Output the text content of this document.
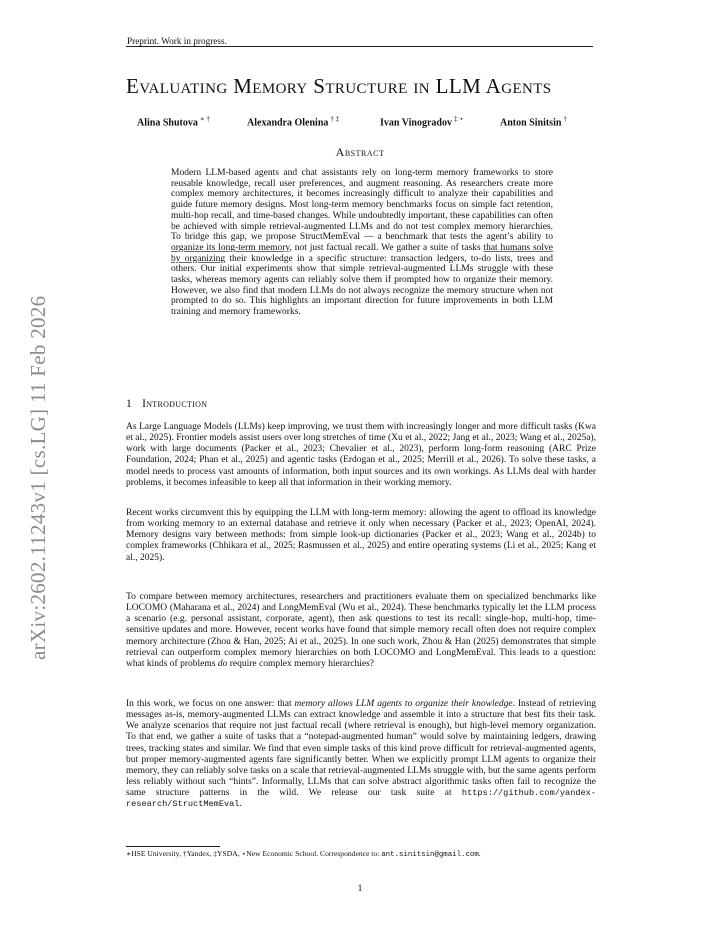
Preprint. Work in progress.
arXiv:2602.11243v1 [cs.LG] 11 Feb 2026
Evaluating Memory Structure in LLM Agents
Alina Shutova ∗ †	Alexandra Olenina † ‡	Ivan Vinogradov ‡ ⋆	Anton Sinitsin †
Abstract
Modern LLM-based agents and chat assistants rely on long-term memory frameworks to store reusable knowledge, recall user preferences, and augment reasoning. As researchers create more complex memory architectures, it becomes increasingly difficult to analyze their capabilities and guide future memory designs. Most long-term memory benchmarks focus on simple fact retention, multi-hop recall, and time-based changes. While undoubtedly important, these capabilities can often be achieved with simple retrieval-augmented LLMs and do not test complex memory hierarchies. To bridge this gap, we propose StructMemEval — a benchmark that tests the agent’s ability to organize its long-term memory, not just factual recall. We gather a suite of tasks that humans solve by organizing their knowledge in a specific structure: transaction ledgers, to-do lists, trees and others. Our initial experiments show that simple retrieval-augmented LLMs struggle with these tasks, whereas memory agents can reliably solve them if prompted how to organize their memory. However, we also find that modern LLMs do not always recognize the memory structure when not prompted to do so. This highlights an important direction for future improvements in both LLM training and memory frameworks.
1 Introduction
As Large Language Models (LLMs) keep improving, we trust them with increasingly longer and more difficult tasks (Kwa et al., 2025). Frontier models assist users over long stretches of time (Xu et al., 2022; Jang et al., 2023; Wang et al., 2025a), work with large documents (Packer et al., 2023; Chevalier et al., 2023), perform long-form reasoning (ARC Prize Foundation, 2024; Phan et al., 2025) and agentic tasks (Erdogan et al., 2025; Merrill et al., 2026). To solve these tasks, a model needs to process vast amounts of information, both input sources and its own workings. As LLMs deal with harder problems, it becomes infeasible to keep all that information in their working memory.
Recent works circumvent this by equipping the LLM with long-term memory: allowing the agent to offload its knowledge from working memory to an external database and retrieve it only when necessary (Packer et al., 2023; OpenAI, 2024). Memory designs vary between methods: from simple look-up dictionaries (Packer et al., 2023; Wang et al., 2024b) to complex frameworks (Chhikara et al., 2025; Rasmussen et al., 2025) and entire operating systems (Li et al., 2025; Kang et al., 2025).
To compare between memory architectures, researchers and practitioners evaluate them on specialized benchmarks like LOCOMO (Maharana et al., 2024) and LongMemEval (Wu et al., 2024). These benchmarks typically let the LLM process a scenario (e.g. personal assistant, corporate, agent), then ask questions to test its recall: single-hop, multi-hop, time-sensitive updates and more. However, recent works have found that simple memory recall often does not require complex memory architecture (Zhou & Han, 2025; Ai et al., 2025). In one such work, Zhou & Han (2025) demonstrates that simple retrieval can outperform complex memory hierarchies on both LOCOMO and LongMemEval. This leads to a question: what kinds of problems do require complex memory hierarchies?
In this work, we focus on one answer: that memory allows LLM agents to organize their knowledge. Instead of retrieving messages as-is, memory-augmented LLMs can extract knowledge and assemble it into a structure that best fits their task. We analyze scenarios that require not just factual recall (where retrieval is enough), but high-level memory organization. To that end, we gather a suite of tasks that a “notepad-augmented human” would solve by maintaining ledgers, drawing trees, tracking states and similar. We find that even simple tasks of this kind prove difficult for retrieval-augmented agents, but proper memory-augmented agents fare significantly better. When we explicitly prompt LLM agents to organize their memory, they can reliably solve tasks on a scale that retrieval-augmented LLMs struggle with, but the same agents perform less reliably without such “hints”. Informally, LLMs that can solve abstract algorithmic tasks often fail to recognize the same structure patterns in the wild. We release our task suite at https://github.com/yandex-research/StructMemEval.
∗HSE University, †Yandex, ‡YSDA, ⋆New Economic School. Correspondence to: ant.sinitsin@gmail.com.
1
